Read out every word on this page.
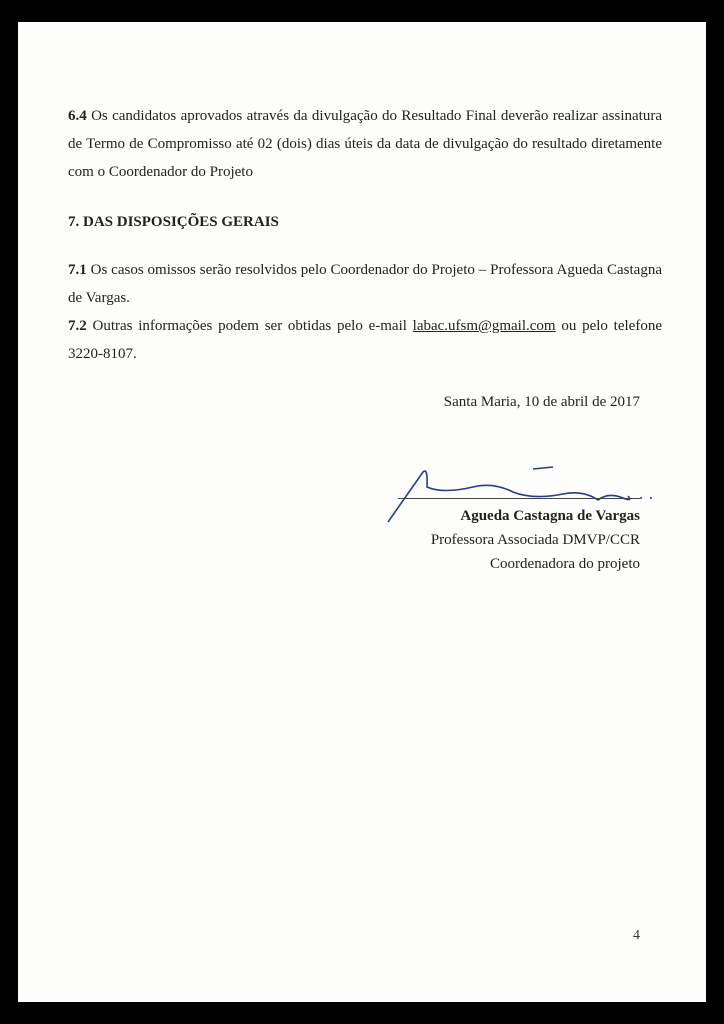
6.4 Os candidatos aprovados através da divulgação do Resultado Final deverão realizar assinatura de Termo de Compromisso até 02 (dois) dias úteis da data de divulgação do resultado diretamente com o Coordenador do Projeto
7. DAS DISPOSIÇÕES GERAIS
7.1 Os casos omissos serão resolvidos pelo Coordenador do Projeto – Professora Agueda Castagna de Vargas.
7.2 Outras informações podem ser obtidas pelo e-mail labac.ufsm@gmail.com ou pelo telefone 3220-8107.
Santa Maria, 10 de abril de 2017
Agueda Castagna de Vargas
Professora Associada DMVP/CCR
Coordenadora do projeto
4
